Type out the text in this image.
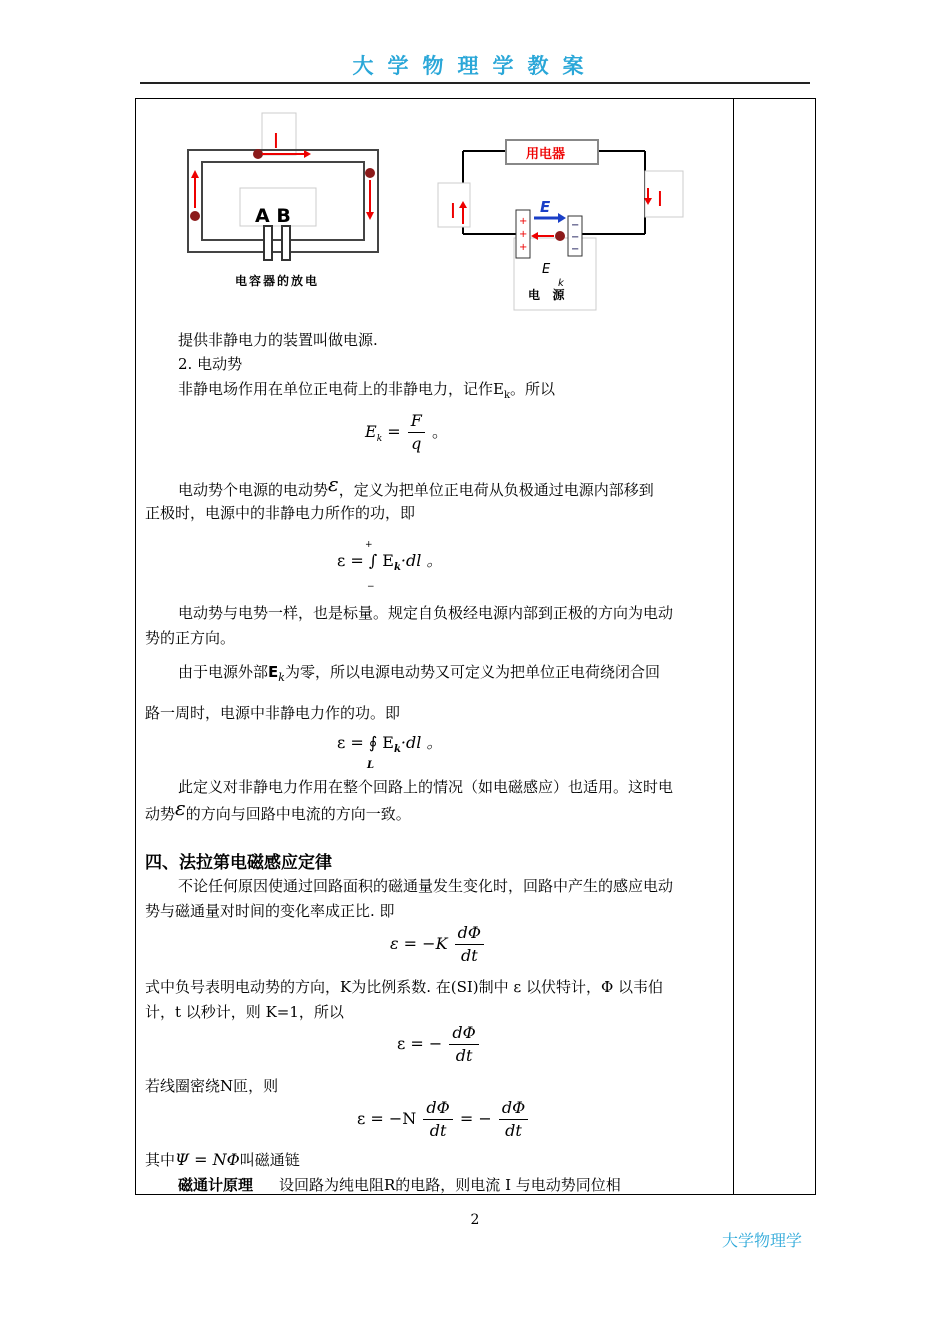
大学物理学教案
I
A B
电容器的放电
用电器
I	I
+
+
+
−
−
−
E
E
k
电   源
提供非静电力的装置叫做电源.
2. 电动势
非静电场作用在单位正电荷上的非静电力，记作$E_k$。所以
$E_k = \frac{F}{q}$ 。
电动势个电源的电动势ε，定义为把单位正电荷从负极通过电源内部移到
正极时，电源中的非静电力所作的功，即
+
−
ε = ∫ $E_k\cdot dl$ 。
电动势与电势一样，也是标量。规定自负极经电源内部到正极的方向为电动
势的正方向。
由于电源外部$E_k$为零，所以电源电动势又可定义为把单位正电荷绕闭合回
路一周时，电源中非静电力作的功。即
L
ε = ∮ $E_k\cdot dl$ 。
此定义对非静电力作用在整个回路上的情况（如电磁感应）也适用。这时电
动势ε的方向与回路中电流的方向一致。
四、法拉第电磁感应定律
不论任何原因使通过回路面积的磁通量发生变化时，回路中产生的感应电动
势与磁通量对时间的变化率成正比. 即
$\varepsilon = -K \frac{d\Phi}{dt}$
式中负号表明电动势的方向，K为比例系数. 在(SI)制中 ε 以伏特计，Φ 以韦伯
计，t 以秒计，则 K=1，所以
ε = − $\frac{d\Phi}{dt}$
若线圈密绕N匝，则
$\varepsilon = -N \frac{d\Phi}{dt}$ = − $\frac{d\Phi}{dt}$
其中Ψ = NΦ叫磁通链
磁通计原理 设回路为纯电阻R的电路，则电流 I 与电动势同位相
2
大学物理学
